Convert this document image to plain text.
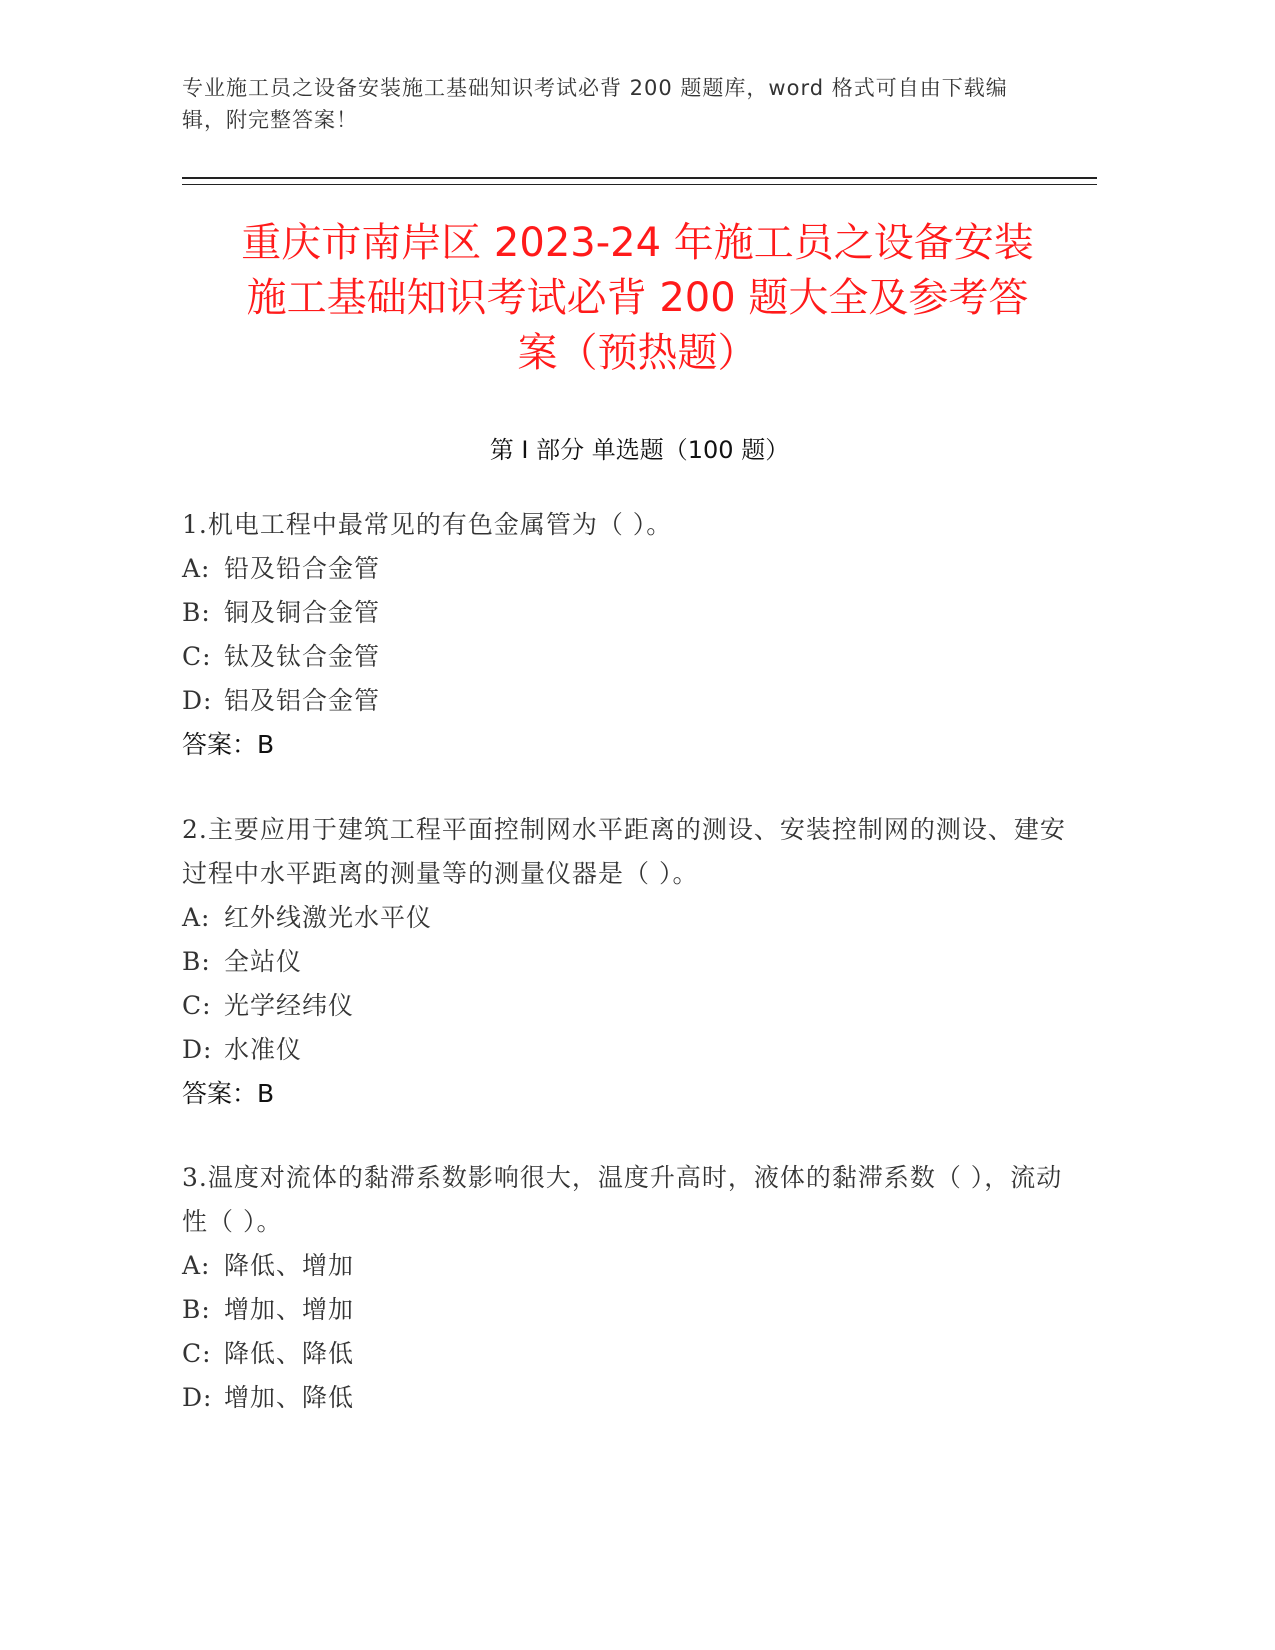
专业施工员之设备安装施工基础知识考试必背 200 题题库，word 格式可自由下载编辑，附完整答案！
重庆市南岸区 2023-24 年施工员之设备安装
施工基础知识考试必背 200 题大全及参考答
案（预热题）
第 I 部分 单选题（100 题）
1.机电工程中最常见的有色金属管为（ ）。
A: 铅及铅合金管
B: 铜及铜合金管
C: 钛及钛合金管
D: 铝及铝合金管
答案：B
2.主要应用于建筑工程平面控制网水平距离的测设、安装控制网的测设、建安过程中水平距离的测量等的测量仪器是（ ）。
A: 红外线激光水平仪
B: 全站仪
C: 光学经纬仪
D: 水准仪
答案：B
3.温度对流体的黏滞系数影响很大，温度升高时，液体的黏滞系数（ ），流动性（ ）。
A: 降低、增加
B: 增加、增加
C: 降低、降低
D: 增加、降低
